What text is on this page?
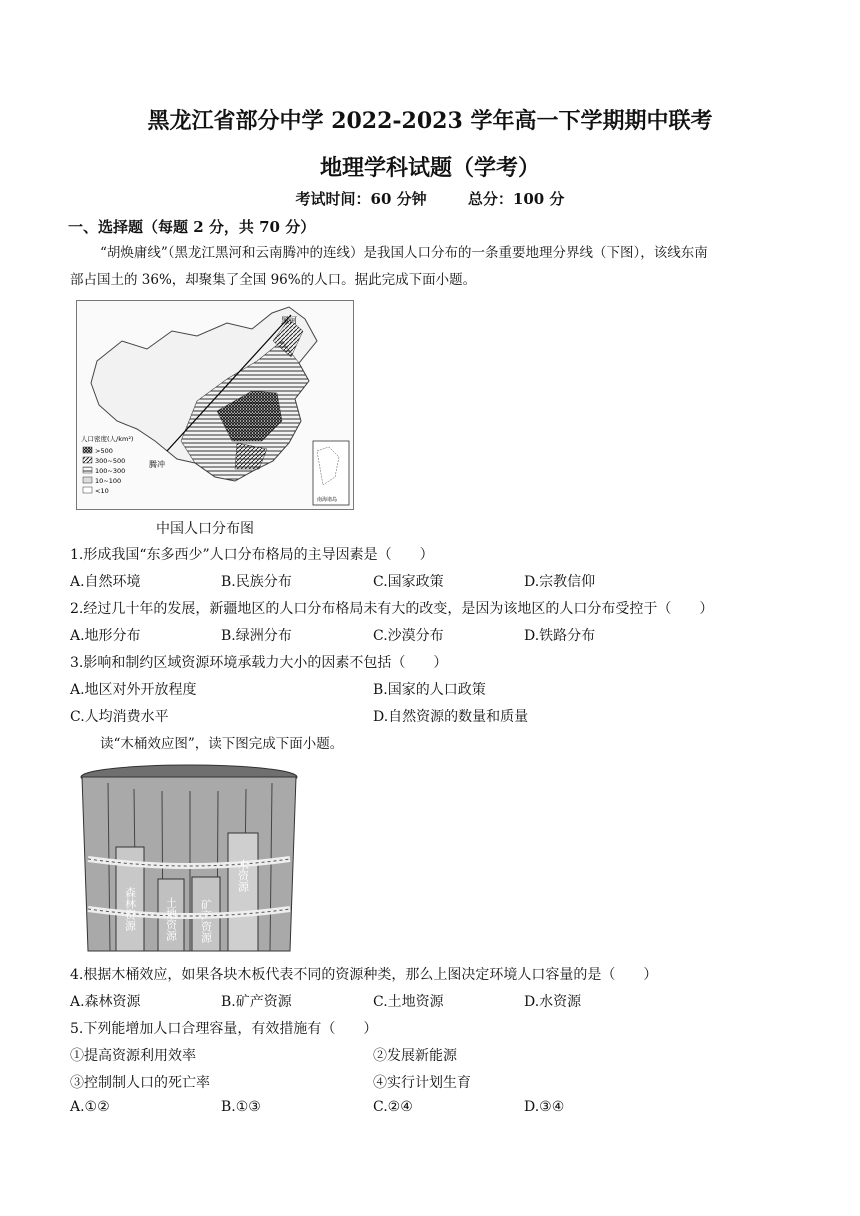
黑龙江省部分中学 2022-2023 学年高一下学期期中联考
地理学科试题（学考）
考试时间：60 分钟	总分：100 分
一、选择题（每题 2 分，共 70 分）
“胡焕庸线”（黑龙江黑河和云南腾冲的连线）是我国人口分布的一条重要地理分界线（下图），该线东南
部占国土的 36%，却聚集了全国 96%的人口。据此完成下面小题。
黑河
腾冲
人口密度(人/km²)
>500
300~500
100~300
10~100
<10
南海诸岛
中国人口分布图
1.形成我国“东多西少”人口分布格局的主导因素是（　　）
A.自然环境	B.民族分布	C.国家政策	D.宗教信仰
2.经过几十年的发展，新疆地区的人口分布格局未有大的改变，是因为该地区的人口分布受控于（　　）
A.地形分布	B.绿洲分布	C.沙漠分布	D.铁路分布
3.影响和制约区域资源环境承载力大小的因素不包括（　　）
A.地区对外开放程度	B.国家的人口政策
C.人均消费水平	D.自然资源的数量和质量
读“木桶效应图”，读下图完成下面小题。
森林资源	土地资源 矿产资源
水资源
4.根据木桶效应，如果各块木板代表不同的资源种类，那么上图决定环境人口容量的是（　　）
A.森林资源	B.矿产资源	C.土地资源	D.水资源
5.下列能增加人口合理容量，有效措施有（　　）
①提高资源利用效率	②发展新能源
③控制制人口的死亡率	④实行计划生育
A.①②	B.①③	C.②④	D.③④
